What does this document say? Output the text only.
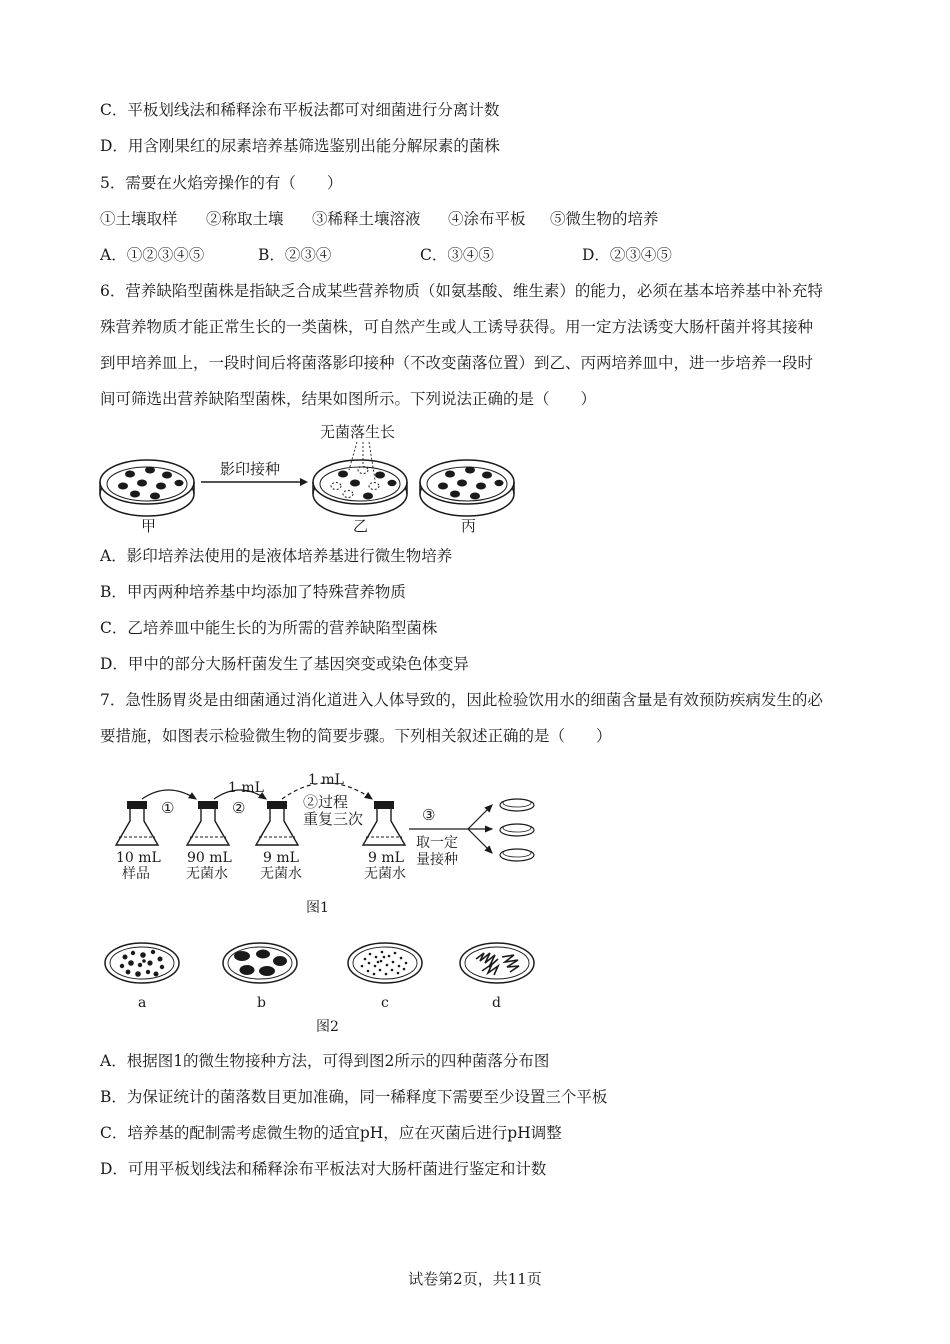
C．平板划线法和稀释涂布平板法都可对细菌进行分离计数
D．用含刚果红的尿素培养基筛选鉴别出能分解尿素的菌株
5．需要在火焰旁操作的有（　　）
①土壤取样 ②称取土壤 ③稀释土壤溶液 ④涂布平板 ⑤微生物的培养
A．①②③④⑤	B．②③④	C．③④⑤	D．②③④⑤
6．营养缺陷型菌株是指缺乏合成某些营养物质（如氨基酸、维生素）的能力，必须在基本培养基中补充特
殊营养物质才能正常生长的一类菌株，可自然产生或人工诱导获得。用一定方法诱变大肠杆菌并将其接种
到甲培养皿上，一段时间后将菌落影印接种（不改变菌落位置）到乙、丙两培养皿中，进一步培养一段时
间可筛选出营养缺陷型菌株，结果如图所示。下列说法正确的是（　　）
影印接种
无菌落生长
甲	乙	丙
A．影印培养法使用的是液体培养基进行微生物培养
B．甲丙两种培养基中均添加了特殊营养物质
C．乙培养皿中能生长的为所需的营养缺陷型菌株
D．甲中的部分大肠杆菌发生了基因突变或染色体变异
7．急性肠胃炎是由细菌通过消化道进入人体导致的，因此检验饮用水的细菌含量是有效预防疾病发生的必
要措施，如图表示检验微生物的简要步骤。下列相关叙述正确的是（　　）
①	②	②过程
重复三次	③
1 mL	1 mL
取一定
量接种
10 mL
样品
90 mL
无菌水
9 mL
无菌水
9 mL
无菌水
图1
a	b	c	d
图2
A．根据图1的微生物接种方法，可得到图2所示的四种菌落分布图
B．为保证统计的菌落数目更加准确，同一稀释度下需要至少设置三个平板
C．培养基的配制需考虑微生物的适宜pH，应在灭菌后进行pH调整
D．可用平板划线法和稀释涂布平板法对大肠杆菌进行鉴定和计数
试卷第2页，共11页
